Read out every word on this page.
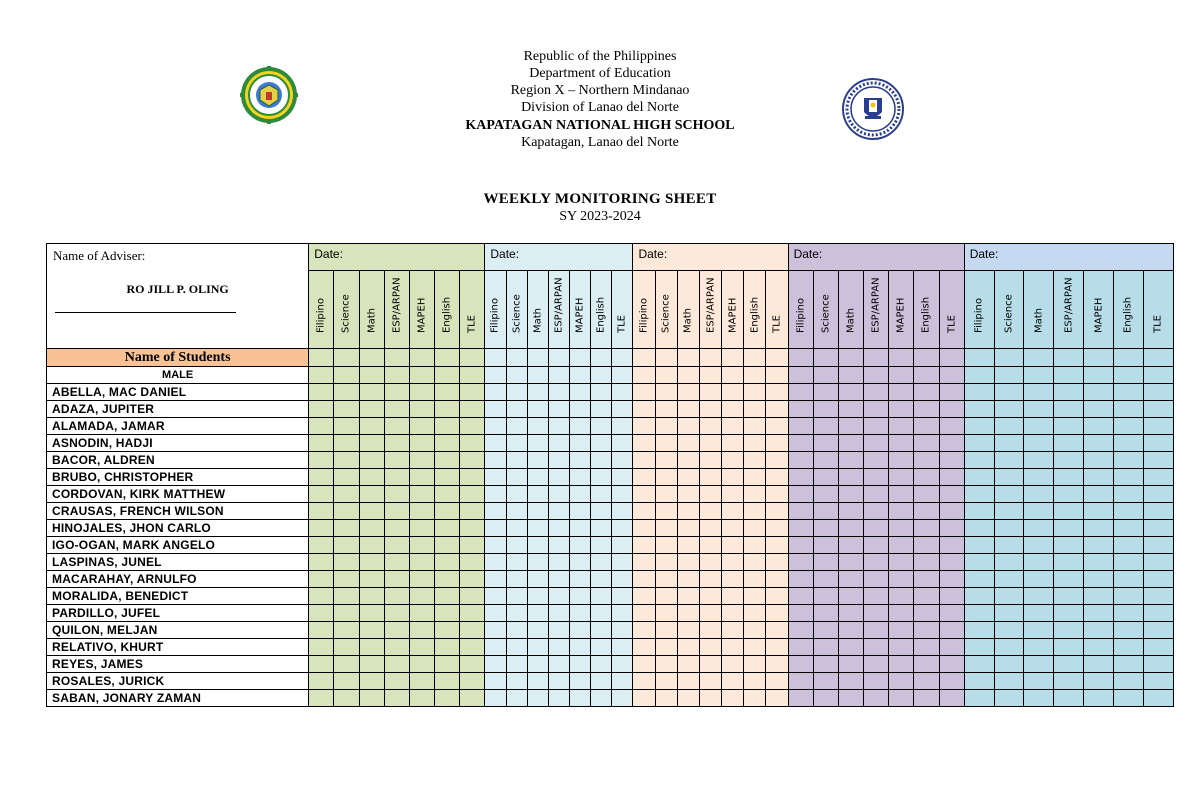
Republic of the Philippines
Department of Education
Region X – Northern Mindanao
Division of Lanao del Norte
KAPATAGAN NATIONAL HIGH SCHOOL
Kapatagan, Lanao del Norte
WEEKLY MONITORING SHEET
SY 2023-2024
Name of Adviser:
RO JILL P. OLING	Date:							Date:							Date:							Date:							Date:						

	Filipino	Science	Math	ESP/ARPAN	MAPEH	English	TLE	Filipino	Science	Math	ESP/ARPAN	MAPEH	English	TLE	Filipino	Science	Math	ESP/ARPAN	MAPEH	English	TLE	Filipino	Science	Math	ESP/ARPAN	MAPEH	English	TLE	Filipino	Science	Math	ESP/ARPAN	MAPEH	English	TLE

Name of Students																																			
MALE																																			
ABELLA, MAC DANIEL																																			
ADAZA, JUPITER																																			
ALAMADA, JAMAR																																			
ASNODIN, HADJI																																			
BACOR, ALDREN																																			
BRUBO, CHRISTOPHER																																			
CORDOVAN, KIRK MATTHEW																																			
CRAUSAS, FRENCH WILSON																																			
HINOJALES, JHON CARLO																																			
IGO-OGAN, MARK ANGELO																																			
LASPINAS, JUNEL																																			
MACARAHAY, ARNULFO																																			
MORALIDA, BENEDICT																																			
PARDILLO, JUFEL																																			
QUILON, MELJAN																																			
RELATIVO, KHURT																																			
REYES, JAMES																																			
ROSALES, JURICK																																			
SABAN, JONARY ZAMAN																																			
